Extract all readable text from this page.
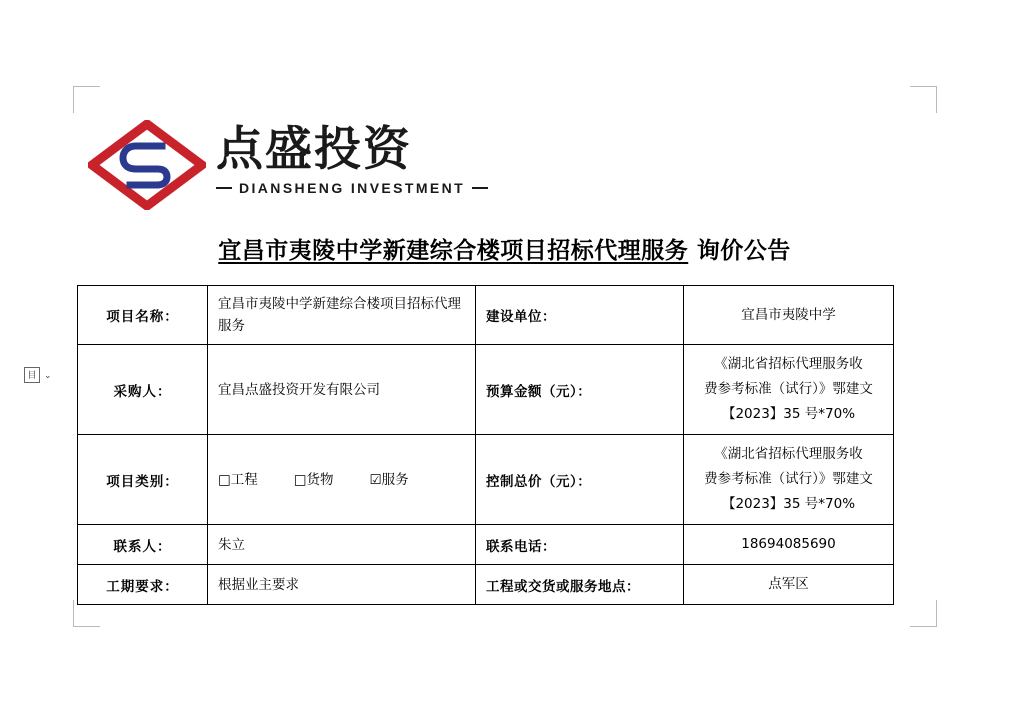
目 ⌄
点盛投资
DIANSHENG INVESTMENT
宜昌市夷陵中学新建综合楼项目招标代理服务 询价公告
项目名称：	宜昌市夷陵中学新建综合楼项目招标代理服务	建设单位：	宜昌市夷陵中学
采购人：	宜昌点盛投资开发有限公司	预算金额（元）：	《湖北省招标代理服务收
费参考标准（试行）》鄂建文
【2023】35 号*70%

项目类别：	□工程	□货物	☑服务	控制总价（元）：	
《湖北省招标代理服务收
费参考标准（试行）》鄂建文
【2023】35 号*70%

联系人：	朱立	联系电话：	18694085690
工期要求：	根据业主要求	工程或交货或服务地点：	点军区
